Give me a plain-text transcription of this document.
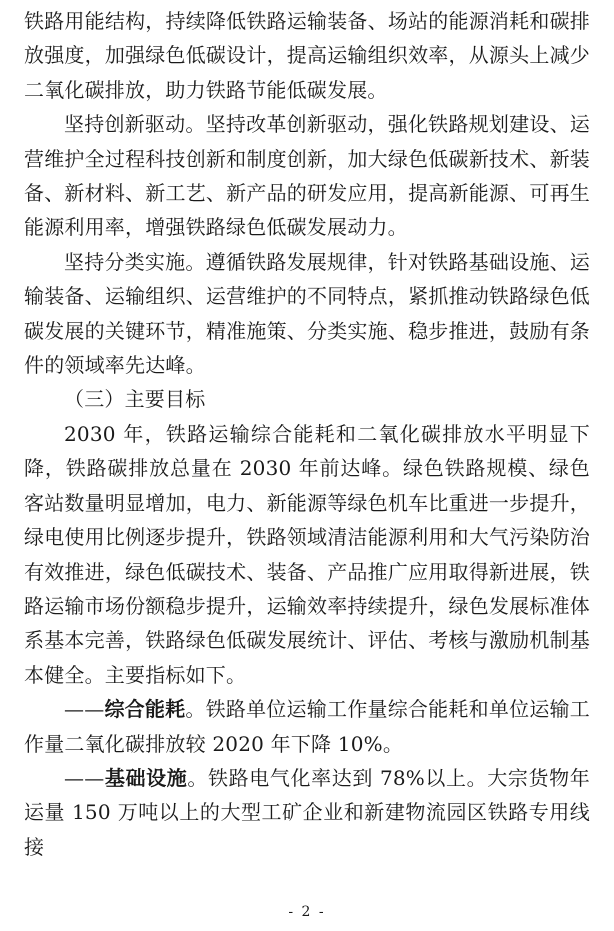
铁路用能结构，持续降低铁路运输装备、场站的能源消耗和碳排放强度，加强绿色低碳设计，提高运输组织效率，从源头上减少二氧化碳排放，助力铁路节能低碳发展。

坚持创新驱动。坚持改革创新驱动，强化铁路规划建设、运营维护全过程科技创新和制度创新，加大绿色低碳新技术、新装备、新材料、新工艺、新产品的研发应用，提高新能源、可再生能源利用率，增强铁路绿色低碳发展动力。

坚持分类实施。遵循铁路发展规律，针对铁路基础设施、运输装备、运输组织、运营维护的不同特点，紧抓推动铁路绿色低碳发展的关键环节，精准施策、分类实施、稳步推进，鼓励有条件的领域率先达峰。

（三）主要目标

2030 年，铁路运输综合能耗和二氧化碳排放水平明显下降，铁路碳排放总量在 2030 年前达峰。绿色铁路规模、绿色客站数量明显增加，电力、新能源等绿色机车比重进一步提升，绿电使用比例逐步提升，铁路领域清洁能源利用和大气污染防治有效推进，绿色低碳技术、装备、产品推广应用取得新进展，铁路运输市场份额稳步提升，运输效率持续提升，绿色发展标准体系基本完善，铁路绿色低碳发展统计、评估、考核与激励机制基本健全。主要指标如下。

——综合能耗。铁路单位运输工作量综合能耗和单位运输工作量二氧化碳排放较 2020 年下降 10%。

——基础设施。铁路电气化率达到 78%以上。大宗货物年运量 150 万吨以上的大型工矿企业和新建物流园区铁路专用线接

- 2 -
